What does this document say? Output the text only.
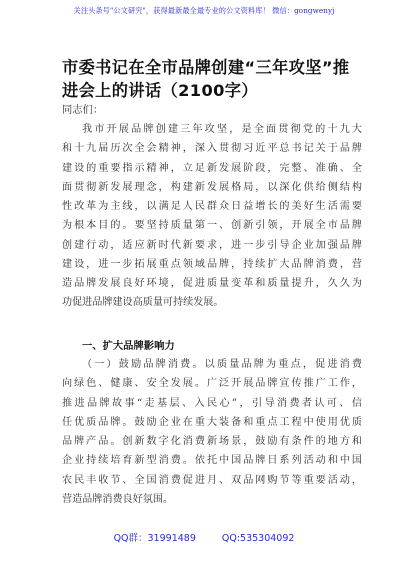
关注头条号"公文研究"，获得最新最全最专业的公文资料库！ 微信：gongwenyj
市委书记在全市品牌创建“三年攻坚”推
进会上的讲话（2100字）
同志们：
我市开展品牌创建三年攻坚，是全面贯彻党的十九大
和十九届历次全会精神，深入贯彻习近平总书记关于品牌
建设的重要指示精神，立足新发展阶段，完整、准确、全
面贯彻新发展理念，构建新发展格局，以深化供给侧结构
性改革为主线，以满足人民群众日益增长的美好生活需要
为根本目的。要坚持质量第一、创新引领，开展全市品牌
创建行动，适应新时代新要求，进一步引导企业加强品牌
建设，进一步拓展重点领域品牌，持续扩大品牌消费，营
造品牌发展良好环境，促进质量变革和质量提升，久久为
功促进品牌建设高质量可持续发展。
一、扩大品牌影响力
（一）鼓励品牌消费。以质量品牌为重点，促进消费
向绿色、健康、安全发展。广泛开展品牌宣传推广工作，
推进品牌故事“走基层、入民心”，引导消费者认可、信
任优质品牌。鼓励企业在重大装备和重点工程中使用优质
品牌产品。创新数字化消费新场景，鼓励有条件的地方和
企业持续培育新型消费。依托中国品牌日系列活动和中国
农民丰收节、全国消费促进月、双品网购节等重要活动，
营造品牌消费良好氛围。
QQ群：31991489	QQ:535304092
